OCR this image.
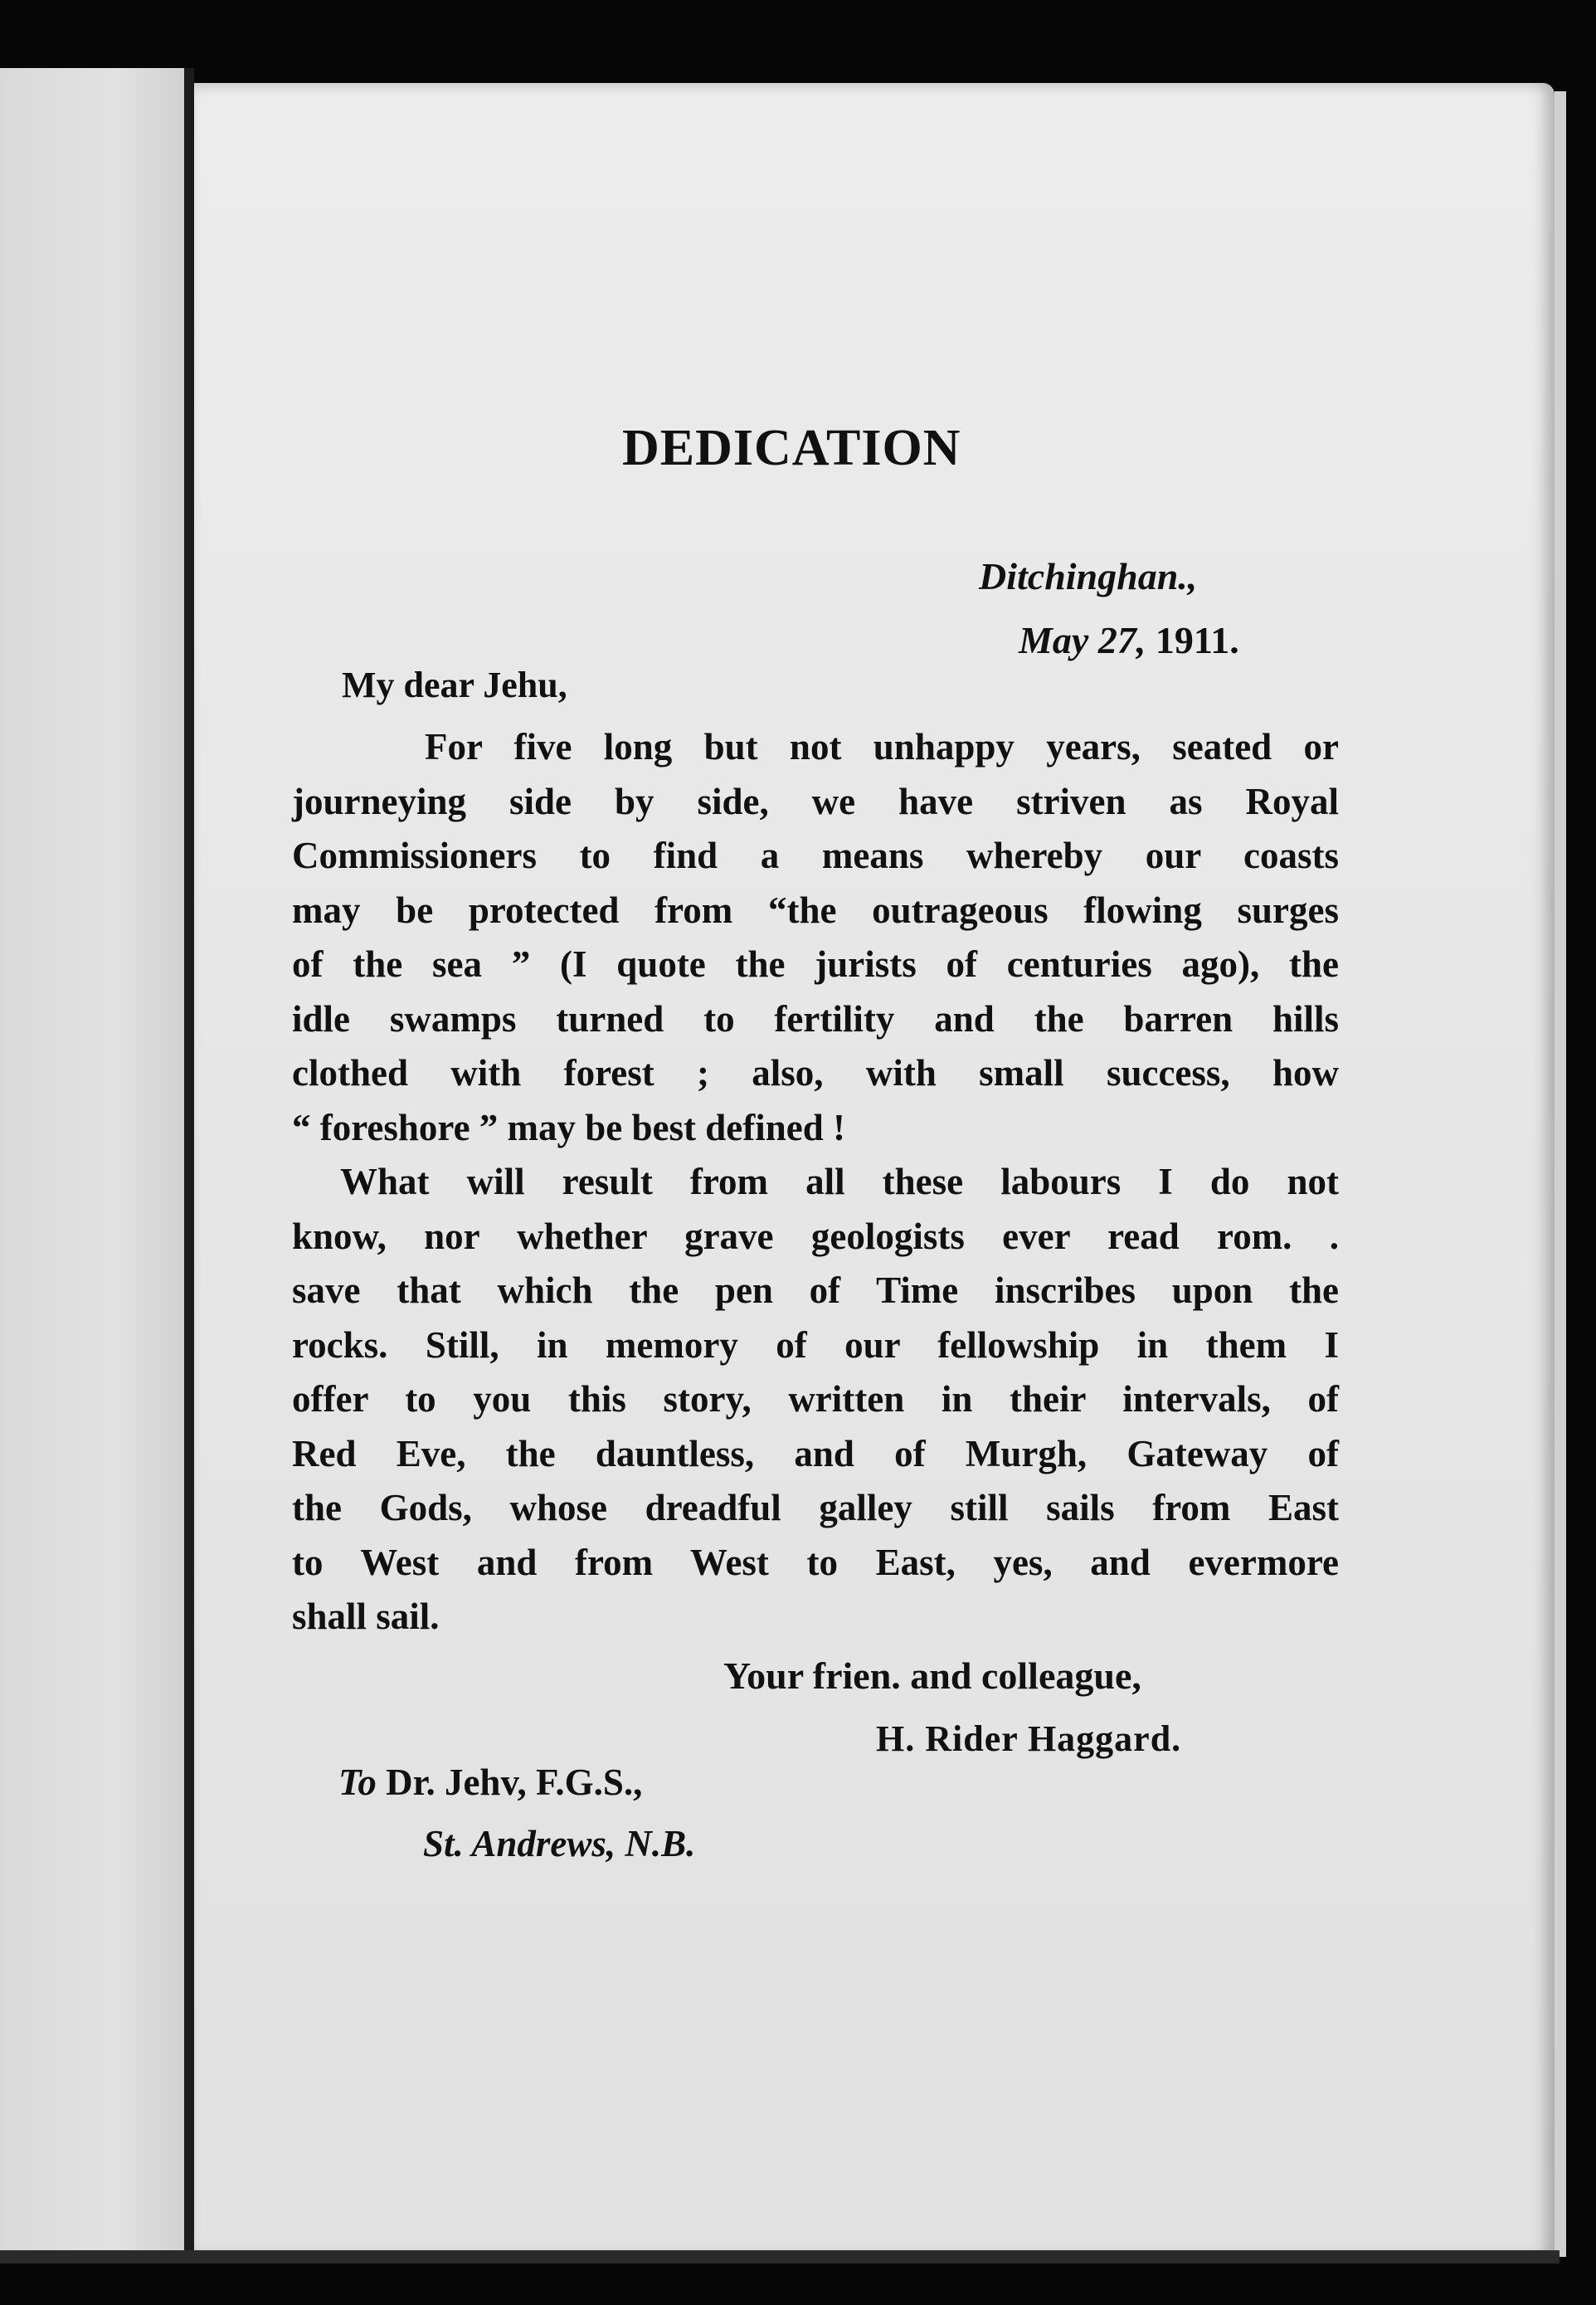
DEDICATION
Ditchinghan.,
May 27, 1911.
My dear Jehu,
For five long but not unhappy years, seated or
journeying side by side, we have striven as Royal
Commissioners to find a means whereby our coasts
may be protected from “the outrageous flowing surges
of the sea ” (I quote the jurists of centuries ago), the
idle swamps turned to fertility and the barren hills
clothed with forest ; also, with small success, how
“ foreshore ” may be best defined !
What will result from all these labours I do not
know, nor whether grave geologists ever read rom. .
save that which the pen of Time inscribes upon the
rocks. Still, in memory of our fellowship in them I
offer to you this story, written in their intervals, of
Red Eve, the dauntless, and of Murgh, Gateway of
the Gods, whose dreadful galley still sails from East
to West and from West to East, yes, and evermore
shall sail.
Your frien. and colleague,
H. Rider Haggard.
To Dr. Jehv, F.G.S.,
St. Andrews, N.B.
